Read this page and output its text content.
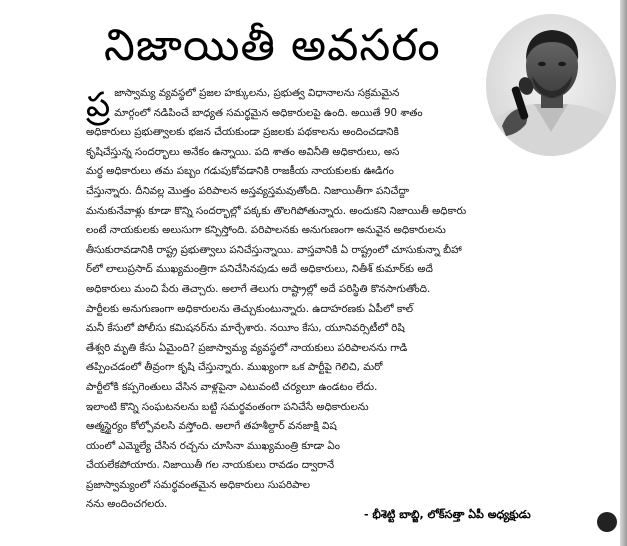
నిజాయితీ అవసరం

ప్ర జాస్వామ్య వ్యవస్థలో ప్రజల హక్కులను, ప్రభుత్వ విధానాలను సక్రమమైన
మార్గంలో నడిపించే బాధ్యత సమర్థమైన అధికారులపై ఉంది. అయితే 90 శాతం
అధికారులు ప్రభుత్వాలకు భజన చేయకుండా ప్రజలకు పథకాలను అందించడానికి
కృషిచేస్తున్న సందర్భాలు అనేకం ఉన్నాయి. పది శాతం అవినీతి అధికారులు, అస
మర్థ అధికారులు తమ పబ్బం గడుపుకోవడానికి రాజకీయ నాయకులకు ఊడిగం
చేస్తున్నారు. దీనివల్ల మొత్తం పరిపాలన అస్తవ్యస్తమవుతోంది. నిజాయితీగా పనిచేద్దా
మనుకునేవాళ్లు కూడా కొన్ని సందర్భాల్లో పక్కకు తొలగిపోతున్నారు. అందుకని నిజాయితీ అధికారు
లంటే నాయకులకు అలుసుగా కన్పిస్తోంది. పరిపాలనకు అనుగుణంగా అనువైన అధికారులను
తీసుకురావడానికి రాష్ట్ర ప్రభుత్వాలు పనిచేస్తున్నాయి. వాస్తవానికి ఏ రాష్ట్రంలో చూసుకున్నా బీహా
ర్‌లో లాలుప్రసాద్ ముఖ్యమంత్రిగా పనిచేసినపుడు అదే అధికారులు, నితీశ్ కుమార్‌కు అదే
అధికారులు మంచి పేరు తెచ్చారు. అలాగే తెలుగు రాష్ట్రాల్లో అదే పరిస్థితి కొనసాగుతోంది.
పార్టీలకు అనుగుణంగా అధికారులను తెచ్చుకుంటున్నారు. ఉదాహరణకు ఏపీలో కాల్
మనీ కేసులో పోలీసు కమిషనర్‌ను మార్చేశారు. నయీం కేసు, యూనివర్సిటీలో రిషి
తేశ్వరి మృతి కేసు ఏమైంది? ప్రజాస్వామ్య వ్యవస్థలో నాయకులు పరిపాలనను గాడి
తప్పించడంలో తీవ్రంగా కృషి చేస్తున్నారు. ముఖ్యంగా ఒక పార్టీపై గెలిచి, మరో
పార్టీలోకి కప్పగెంతులు వేసిన వాళ్లపైనా ఎటువంటి చర్యలూ ఉండటం లేదు.
ఇలాంటి కొన్ని సంఘటనలను బట్టి సమర్థవంతంగా పనిచేసే అధికారులను
ఆత్మస్థైర్యం కోల్పోవలసి వస్తోంది. అలాగే తహశీల్దార్ వనజాక్షి విష
యంలో ఎమ్మెల్యే చేసిన రచ్చను చూసినా ముఖ్యమంత్రి కూడా ఏం
చేయలేకపోయారు. నిజాయితీ గల నాయకులు రావడం ద్వారానే
ప్రజాస్వామ్యంలో సమర్థవంతమైన అధికారులు సుపరిపాల
నను అందించగలరు.

- భీశెట్టి బాబ్జి, లోక్‌సత్తా ఏపీ అధ్యక్షుడు
